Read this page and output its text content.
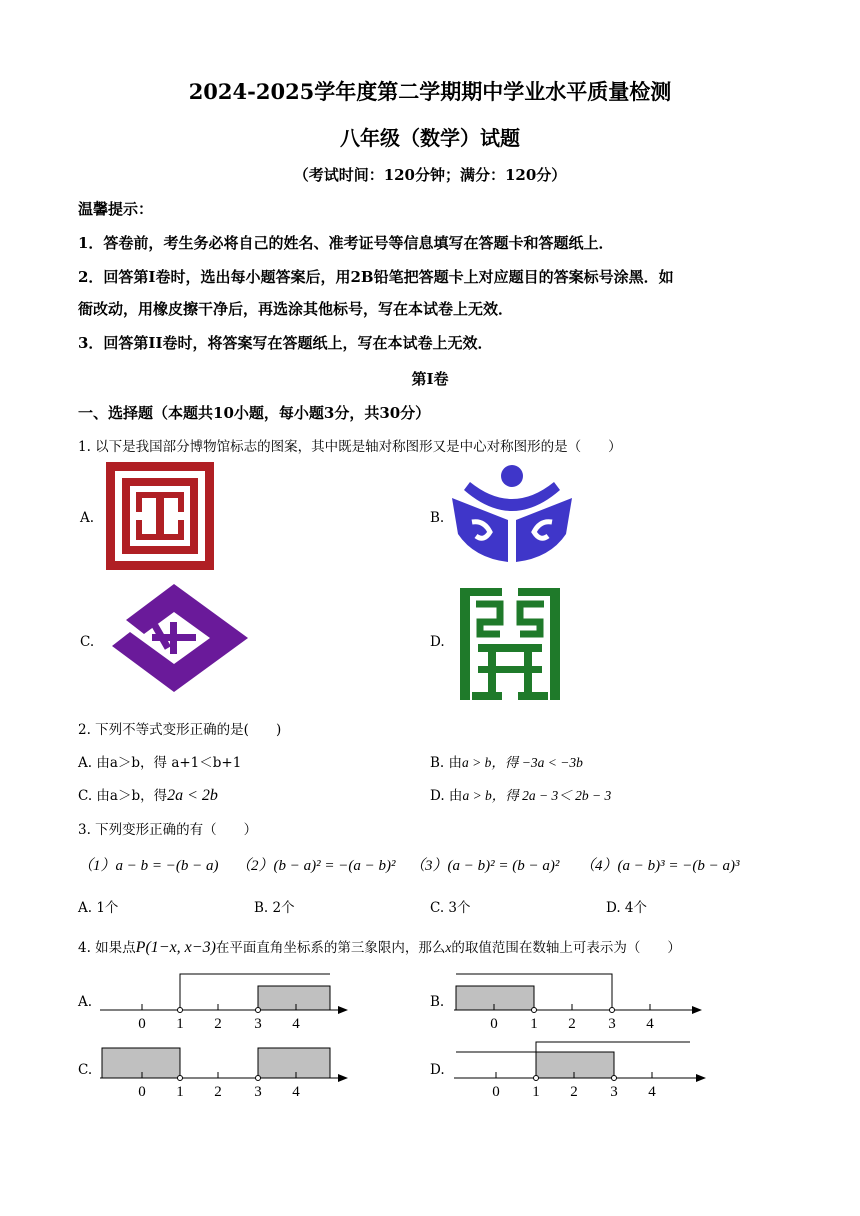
2024-2025学年度第二学期期中学业水平质量检测
八年级（数学）试题
（考试时间：120分钟；满分：120分）
温馨提示：
1．答卷前，考生务必将自己的姓名、准考证号等信息填写在答题卡和答题纸上．
2．回答第I卷时，选出每小题答案后，用2B铅笔把答题卡上对应题目的答案标号涂黑．如
衙改动，用橡皮擦干净后，再选涂其他标号，写在本试卷上无效．
3．回答第II卷时，将答案写在答题纸上，写在本试卷上无效．
第I卷
一、选择题（本题共10小题，每小题3分，共30分）
1. 以下是我国部分博物馆标志的图案，其中既是轴对称图形又是中心对称图形的是（　　）
A.	B.
C.	D.
2. 下列不等式变形正确的是(　　)
A. 由a＞b，得 a+1＜b+1	B. 由a > b，得 −3a < −3b
C. 由a＞b，得2a < 2b	D. 由a > b，得 2a − 3＜ 2b − 3
3. 下列变形正确的有（　　）
（1）a − b = −(b − a) （2）(b − a)² = −(a − b)² （3）(a − b)² = (b − a)² （4）(a − b)³ = −(b − a)³
A. 1个	B. 2个	C. 3个	D. 4个
4. 如果点P(1−x, x−3)在平面直角坐标系的第三象限内，那么x的取值范围在数轴上可表示为（　　）
A.
0 1 2 3 4
B.
0 1 2 3 4
C.
0 1 2 3 4
D.
0 1 2 3 4
